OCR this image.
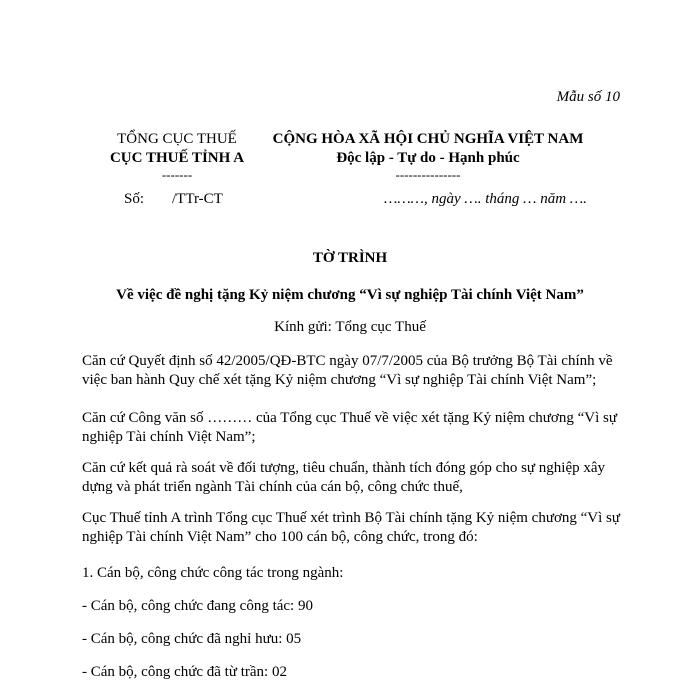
Mẫu số 10
TỔNG CỤC THUẾ
CỤC THUẾ TỈNH A
-------
CỘNG HÒA XÃ HỘI CHỦ NGHĨA VIỆT NAM
Độc lập - Tự do - Hạnh phúc
---------------
Số: /TTr-CT	………, ngày …. tháng … năm ….
TỜ TRÌNH
Về việc đề nghị tặng Kỷ niệm chương “Vì sự nghiệp Tài chính Việt Nam”
Kính gửi: Tổng cục Thuế
Căn cứ Quyết định số 42/2005/QĐ-BTC ngày 07/7/2005 của Bộ trưởng Bộ Tài chính về việc ban hành Quy chế xét tặng Kỷ niệm chương “Vì sự nghiệp Tài chính Việt Nam”;
Căn cứ Công văn số ……… của Tổng cục Thuế về việc xét tặng Kỷ niệm chương “Vì sự nghiệp Tài chính Việt Nam”;
Căn cứ kết quả rà soát về đối tượng, tiêu chuẩn, thành tích đóng góp cho sự nghiệp xây dựng và phát triển ngành Tài chính của cán bộ, công chức thuế,
Cục Thuế tỉnh A trình Tổng cục Thuế xét trình Bộ Tài chính tặng Kỷ niệm chương “Vì sự nghiệp Tài chính Việt Nam” cho 100 cán bộ, công chức, trong đó:
1. Cán bộ, công chức công tác trong ngành:
- Cán bộ, công chức đang công tác: 90
- Cán bộ, công chức đã nghỉ hưu: 05
- Cán bộ, công chức đã từ trần: 02
